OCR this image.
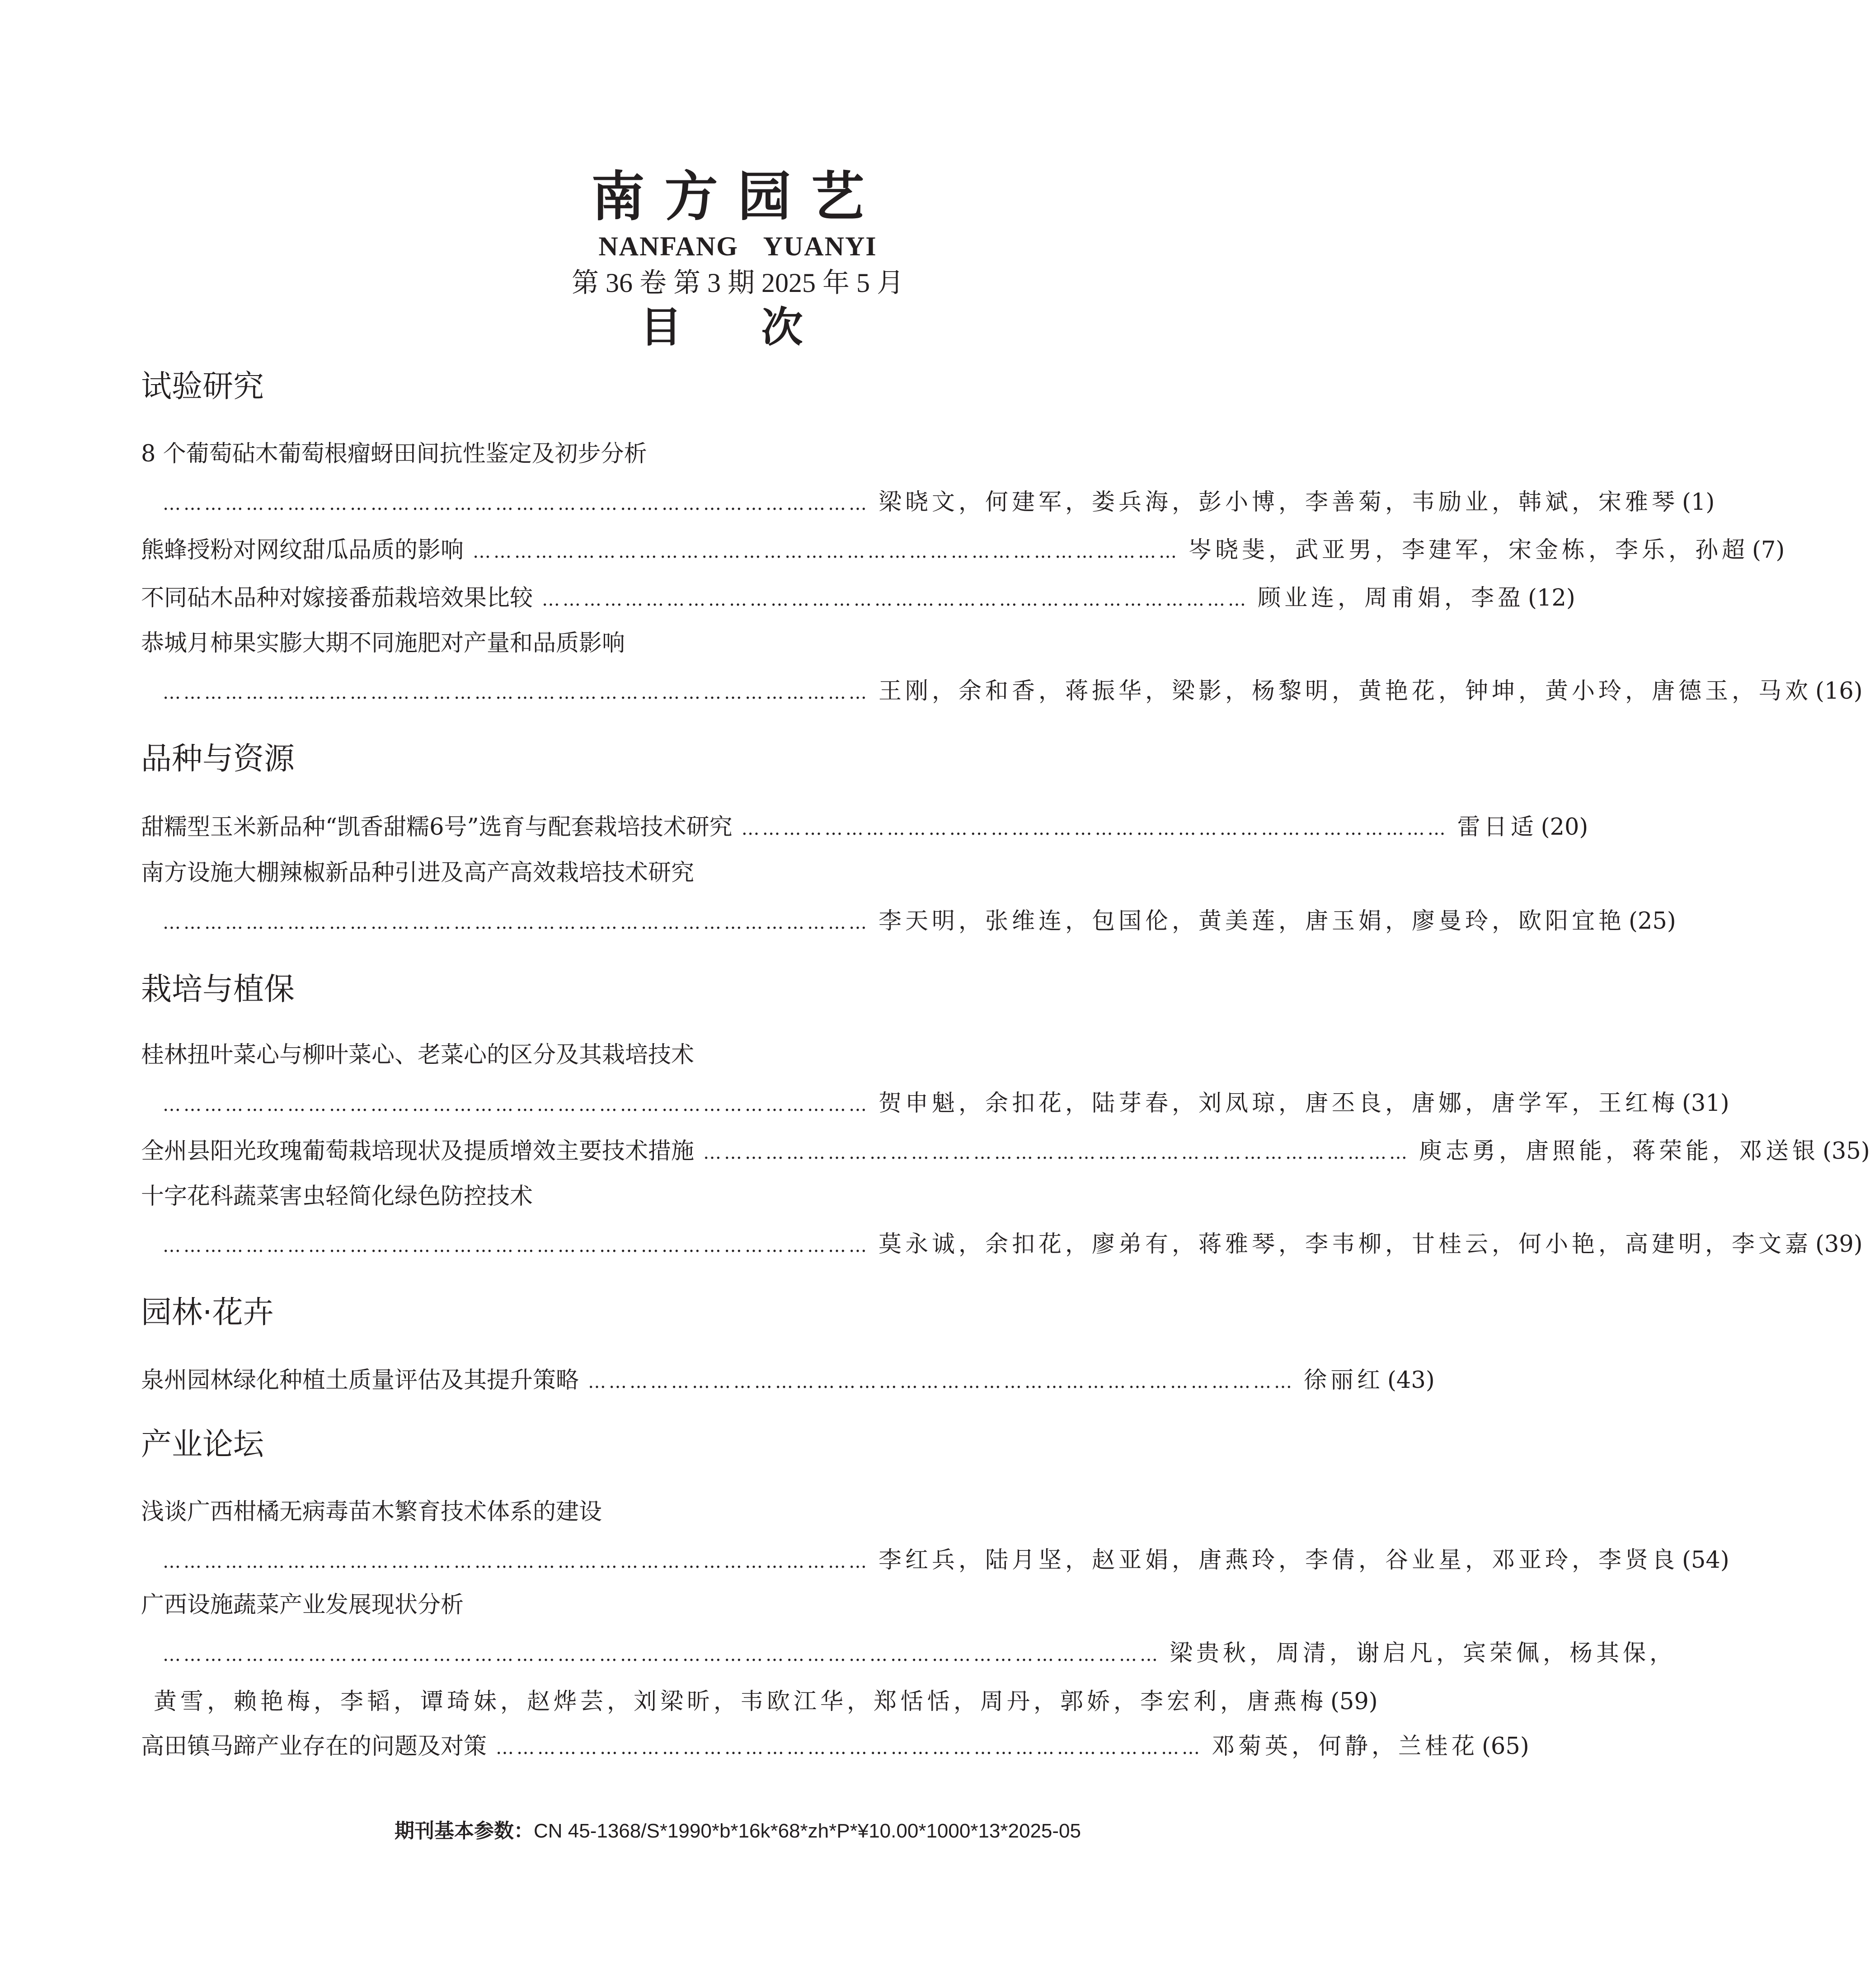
南方园艺
NANFANG YUANYI
第 36 卷 第 3 期 2025 年 5 月
目 次
试验研究
8 个葡萄砧木葡萄根瘤蚜田间抗性鉴定及初步分析
………………………………………………………………………………………… 梁晓文，何建军，娄兵海，彭小博，李善菊，韦励业，韩斌，宋雅琴 (1)
熊蜂授粉对网纹甜瓜品质的影响 ………………………………………………………………………………………… 岑晓斐，武亚男，李建军，宋金栋，李乐，孙超 (7)
不同砧木品种对嫁接番茄栽培效果比较 ………………………………………………………………………………………… 顾业连，周甫娟，李盈 (12)
恭城月柿果实膨大期不同施肥对产量和品质影响
………………………………………………………………………………………… 王刚，余和香，蒋振华，梁影，杨黎明，黄艳花，钟坤，黄小玲，唐德玉，马欢 (16)
品种与资源
甜糯型玉米新品种“凯香甜糯6号”选育与配套栽培技术研究 ………………………………………………………………………………………… 雷日适 (20)
南方设施大棚辣椒新品种引进及高产高效栽培技术研究
………………………………………………………………………………………… 李天明，张维连，包国伦，黄美莲，唐玉娟，廖曼玲，欧阳宜艳 (25)
栽培与植保
桂林扭叶菜心与柳叶菜心、老菜心的区分及其栽培技术
………………………………………………………………………………………… 贺申魁，余扣花，陆芽春，刘凤琼，唐丕良，唐娜，唐学军，王红梅 (31)
全州县阳光玫瑰葡萄栽培现状及提质增效主要技术措施 ………………………………………………………………………………………… 庾志勇，唐照能，蒋荣能，邓送银 (35)
十字花科蔬菜害虫轻简化绿色防控技术
………………………………………………………………………………………… 莫永诚，余扣花，廖弟有，蒋雅琴，李韦柳，甘桂云，何小艳，高建明，李文嘉 (39)
园林·花卉
泉州园林绿化种植土质量评估及其提升策略 ………………………………………………………………………………………… 徐丽红 (43)
产业论坛
浅谈广西柑橘无病毒苗木繁育技术体系的建设
………………………………………………………………………………………… 李红兵，陆月坚，赵亚娟，唐燕玲，李倩，谷业星，邓亚玲，李贤良 (54)
广西设施蔬菜产业发展现状分析
……………………………………………………………………………………………………………………………… 梁贵秋，周清，谢启凡，宾荣佩，杨其保，
黄雪，赖艳梅，李韬，谭琦妹，赵烨芸，刘梁昕，韦欧江华，郑恬恬，周丹，郭娇，李宏利，唐燕梅 (59)
高田镇马蹄产业存在的问题及对策 ………………………………………………………………………………………… 邓菊英，何静，兰桂花 (65)
期刊基本参数：CN 45-1368/S*1990*b*16k*68*zh*P*¥10.00*1000*13*2025-05
